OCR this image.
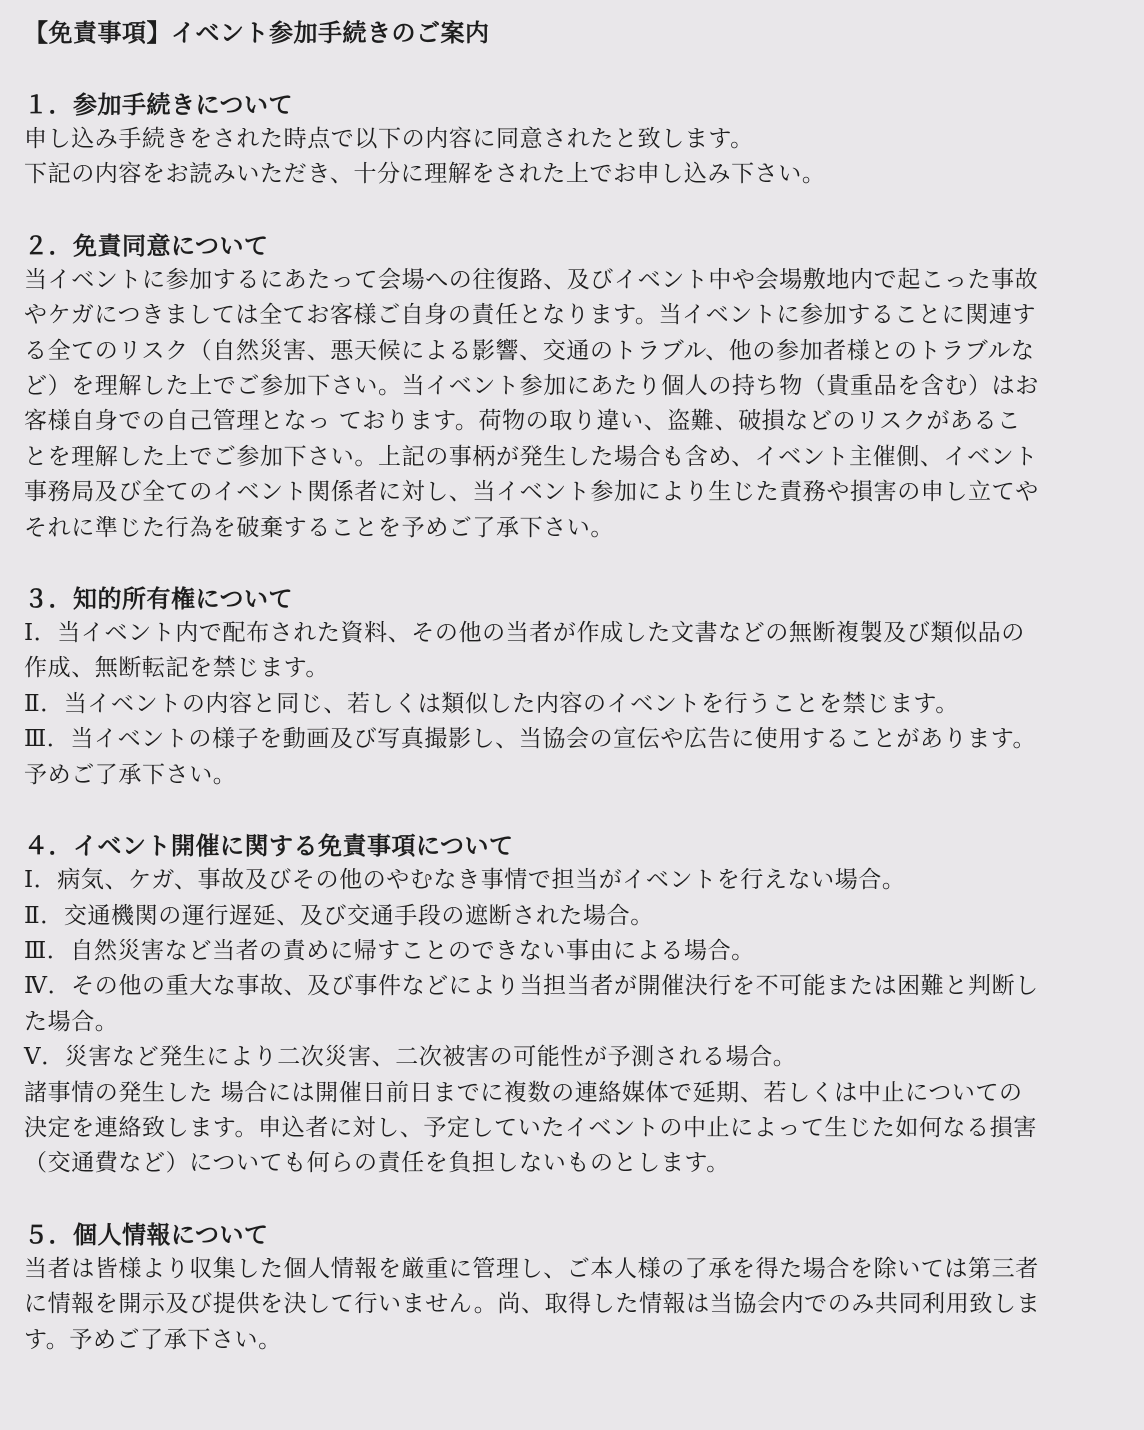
【免責事項】イベント参加手続きのご案内
１．参加手続きについて
申し込み手続きをされた時点で以下の内容に同意されたと致します。
下記の内容をお読みいただき、十分に理解をされた上でお申し込み下さい。
２．免責同意について
当イベントに参加するにあたって会場への往復路、及びイベント中や会場敷地内で起こった事故
やケガにつきましては全てお客様ご自身の責任となります。当イベントに参加することに関連す
る全てのリスク（自然災害、悪天候による影響、交通のトラブル、他の参加者様とのトラブルな
ど）を理解した上でご参加下さい。当イベント参加にあたり個人の持ち物（貴重品を含む）はお
客様自身での自己管理となっ ております。荷物の取り違い、盗難、破損などのリスクがあるこ
とを理解した上でご参加下さい。上記の事柄が発生した場合も含め、イベント主催側、イベント
事務局及び全てのイベント関係者に対し、当イベント参加により生じた責務や損害の申し立てや
それに準じた行為を破棄することを予めご了承下さい。
３．知的所有権について
Ⅰ．当イベント内で配布された資料、その他の当者が作成した文書などの無断複製及び類似品の
作成、無断転記を禁じます。
Ⅱ．当イベントの内容と同じ、若しくは類似した内容のイベントを行うことを禁じます。
Ⅲ．当イベントの様子を動画及び写真撮影し、当協会の宣伝や広告に使用することがあります。
予めご了承下さい。
４．イベント開催に関する免責事項について
Ⅰ．病気、ケガ、事故及びその他のやむなき事情で担当がイベントを行えない場合。
Ⅱ．交通機関の運行遅延、及び交通手段の遮断された場合。
Ⅲ．自然災害など当者の責めに帰すことのできない事由による場合。
Ⅳ．その他の重大な事故、及び事件などにより当担当者が開催決行を不可能または困難と判断し
た場合。
Ⅴ．災害など発生により二次災害、二次被害の可能性が予測される場合。
諸事情の発生した 場合には開催日前日までに複数の連絡媒体で延期、若しくは中止についての
決定を連絡致します。申込者に対し、予定していたイベントの中止によって生じた如何なる損害
（交通費など）についても何らの責任を負担しないものとします。
５．個人情報について
当者は皆様より収集した個人情報を厳重に管理し、ご本人様の了承を得た場合を除いては第三者
に情報を開示及び提供を決して行いません。尚、取得した情報は当協会内でのみ共同利用致しま
す。予めご了承下さい。
